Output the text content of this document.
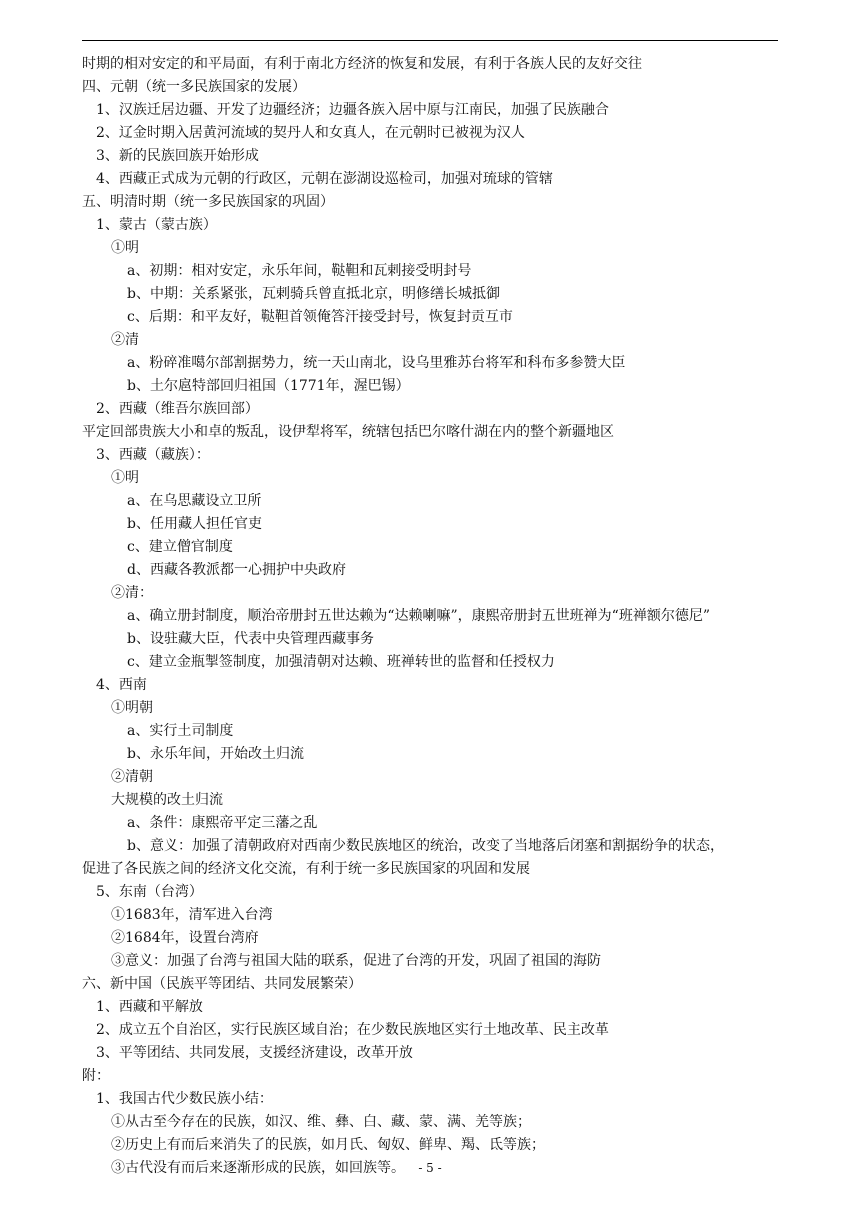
时期的相对安定的和平局面，有利于南北方经济的恢复和发展，有利于各族人民的友好交往
四、元朝（统一多民族国家的发展）
1、汉族迁居边疆、开发了边疆经济；边疆各族入居中原与江南民，加强了民族融合
2、辽金时期入居黄河流域的契丹人和女真人，在元朝时已被视为汉人
3、新的民族回族开始形成
4、西藏正式成为元朝的行政区，元朝在澎湖设巡检司，加强对琉球的管辖
五、明清时期（统一多民族国家的巩固）
1、蒙古（蒙古族）
①明
a、初期：相对安定，永乐年间，鞑靼和瓦剌接受明封号
b、中期：关系紧张，瓦剌骑兵曾直抵北京，明修缮长城抵御
c、后期：和平友好，鞑靼首领俺答汗接受封号，恢复封贡互市
②清
a、粉碎准噶尔部割据势力，统一天山南北，设乌里雅苏台将军和科布多参赞大臣
b、土尔扈特部回归祖国（1771年，渥巴锡）
2、西藏（维吾尔族回部）
平定回部贵族大小和卓的叛乱，设伊犁将军，统辖包括巴尔喀什湖在内的整个新疆地区
3、西藏（藏族）：
①明
a、在乌思藏设立卫所
b、任用藏人担任官吏
c、建立僧官制度
d、西藏各教派都一心拥护中央政府
②清：
a、确立册封制度，顺治帝册封五世达赖为“达赖喇嘛”，康熙帝册封五世班禅为“班禅额尔德尼”
b、设驻藏大臣，代表中央管理西藏事务
c、建立金瓶掣签制度，加强清朝对达赖、班禅转世的监督和任授权力
4、西南
①明朝
a、实行土司制度
b、永乐年间，开始改土归流
②清朝
大规模的改土归流
a、条件：康熙帝平定三藩之乱
b、意义：加强了清朝政府对西南少数民族地区的统治，改变了当地落后闭塞和割据纷争的状态，
促进了各民族之间的经济文化交流，有利于统一多民族国家的巩固和发展
5、东南（台湾）
①1683年，清军进入台湾
②1684年，设置台湾府
③意义：加强了台湾与祖国大陆的联系，促进了台湾的开发，巩固了祖国的海防
六、新中国（民族平等团结、共同发展繁荣）
1、西藏和平解放
2、成立五个自治区，实行民族区域自治；在少数民族地区实行土地改革、民主改革
3、平等团结、共同发展，支援经济建设，改革开放
附：
1、我国古代少数民族小结：
①从古至今存在的民族，如汉、维、彝、白、藏、蒙、满、羌等族；
②历史上有而后来消失了的民族，如月氏、匈奴、鲜卑、羯、氐等族；
③古代没有而后来逐渐形成的民族，如回族等。	- 5 -
